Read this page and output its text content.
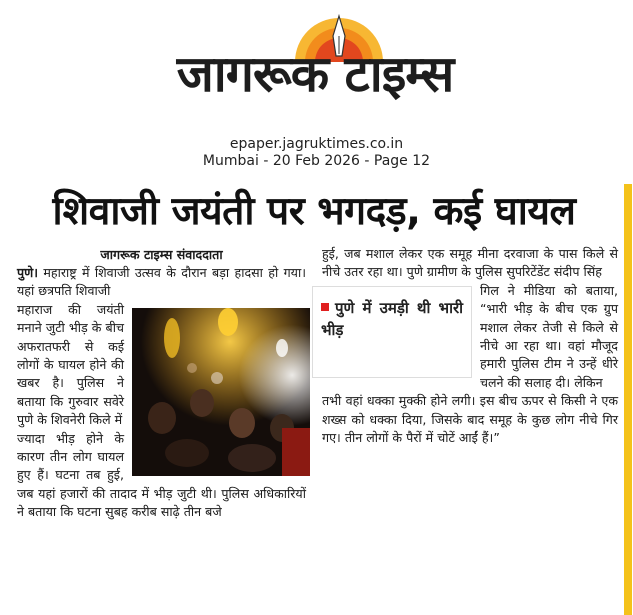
जागरूक टाइम्स
epaper.jagruktimes.co.in
Mumbai - 20 Feb 2026 - Page 12
शिवाजी जयंती पर भगदड़, कई घायल

जागरूक टाइम्स संवाददाता

पुणे। महाराष्ट्र में शिवाजी उत्सव के दौरान बड़ा हादसा हो गया। यहां छत्रपति शिवाजी

महाराज की जयंती मनाने जुटी भीड़ के बीच अफरातफरी से कई लोगों के घायल होने की खबर है। पुलिस ने बताया कि गुरुवार सवेरे पुणे के शिवनेरी किले में

ज्यादा भीड़ होने के कारण तीन लोग घायल हुए हैं। घटना तब हुई, जब यहां हजारों की तादाद में भीड़ जुटी थी। पुलिस अधिकारियों ने बताया कि घटना सुबह करीब साढ़े तीन बजे

हुई, जब मशाल लेकर एक समूह मीना दरवाजा के पास किले से नीचे उतर रहा था। पुणे ग्रामीण के पुलिस सुपरिटेंडेंट संदीप सिंह

पुणे में उमड़ी थी भारी भीड़

गिल ने मीडिया को बताया, “भारी भीड़ के बीच एक ग्रुप मशाल लेकर तेजी से किले से नीचे आ रहा था। वहां मौजूद हमारी पुलिस टीम ने उन्हें धीरे चलने की सलाह दी। लेकिन

तभी वहां धक्का मुक्की होने लगी। इस बीच ऊपर से किसी ने एक शख्स को धक्का दिया, जिसके बाद समूह के कुछ लोग नीचे गिर गए। तीन लोगों के पैरों में चोटें आईं हैं।”
